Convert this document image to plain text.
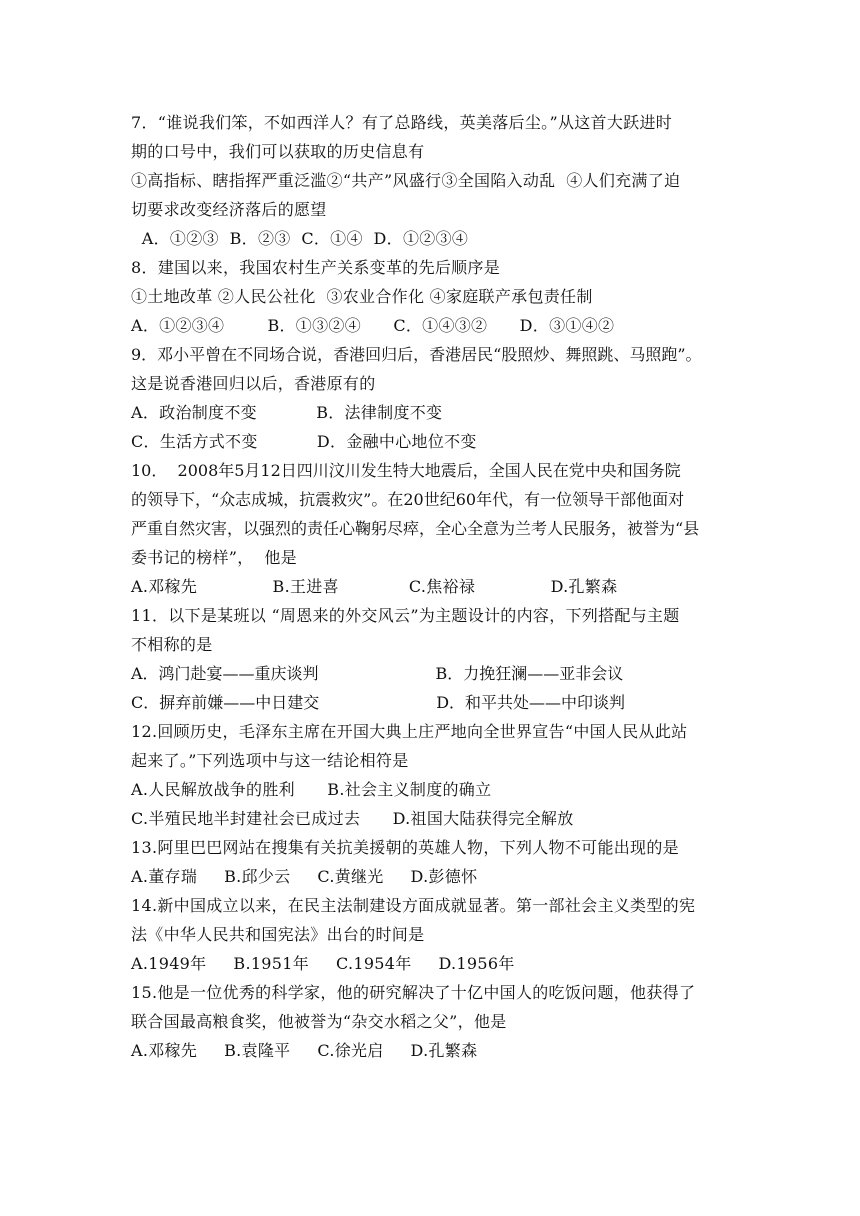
7．“谁说我们笨，不如西洋人？有了总路线，英美落后尘。”从这首大跃进时
期的口号中，我们可以获取的历史信息有
①高指标、瞎指挥严重泛滥②“共产”风盛行③全国陷入动乱  ④人们充满了迫
切要求改变经济落后的愿望
A．①②③  B．②③  C．①④  D．①②③④
8．建国以来，我国农村生产关系变革的先后顺序是
①土地改革 ②人民公社化  ③农业合作化 ④家庭联产承包责任制
A．①②③④        B．①③②④      C．①④③②      D．③①④②
9．邓小平曾在不同场合说，香港回归后，香港居民“股照炒、舞照跳、马照跑”。
这是说香港回归以后，香港原有的
A．政治制度不变           B．法律制度不变
C．生活方式不变           D．金融中心地位不变
10．  2008年5月12日四川汶川发生特大地震后，全国人民在党中央和国务院
的领导下，“众志成城，抗震救灾”。在20世纪60年代，有一位领导干部他面对
严重自然灾害，以强烈的责任心鞠躬尽瘁，全心全意为兰考人民服务，被誉为“县
委书记的榜样”，  他是
A.邓稼先              B.王进喜             C.焦裕禄              D.孔繁森
11．以下是某班以 “周恩来的外交风云”为主题设计的内容，下列搭配与主题
不相称的是
A．鸿门赴宴——重庆谈判                       B．力挽狂澜——亚非会议
C．摒弃前嫌——中日建交                       D．和平共处——中印谈判
12.回顾历史，毛泽东主席在开国大典上庄严地向全世界宣告“中国人民从此站
起来了。”下列选项中与这一结论相符是
A.人民解放战争的胜利      B.社会主义制度的确立
C.半殖民地半封建社会已成过去      D.祖国大陆获得完全解放
13.阿里巴巴网站在搜集有关抗美援朝的英雄人物，下列人物不可能出现的是
A.董存瑞     B.邱少云     C.黄继光     D.彭德怀
14.新中国成立以来，在民主法制建设方面成就显著。第一部社会主义类型的宪
法《中华人民共和国宪法》出台的时间是
A.1949年     B.1951年     C.1954年     D.1956年
15.他是一位优秀的科学家，他的研究解决了十亿中国人的吃饭问题，他获得了
联合国最高粮食奖，他被誉为“杂交水稻之父”，他是
A.邓稼先     B.袁隆平     C.徐光启     D.孔繁森
